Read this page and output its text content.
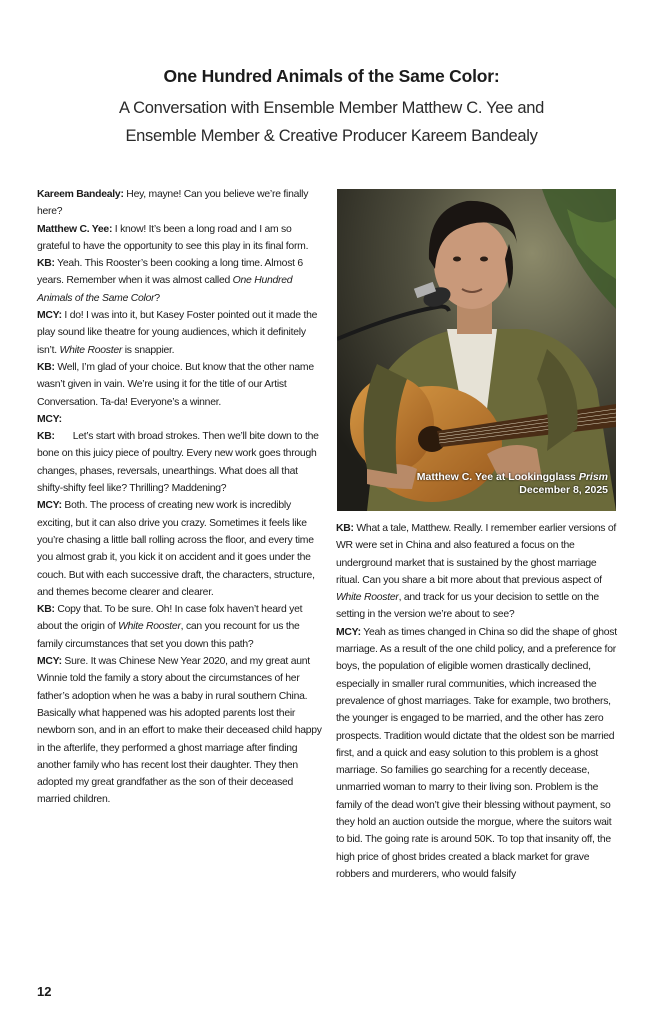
One Hundred Animals of the Same Color:
A Conversation with Ensemble Member Matthew C. Yee and
Ensemble Member & Creative Producer Kareem Bandealy

Kareem Bandealy: Hey, mayne! Can you believe we’re finally here?

Matthew C. Yee: I know! It’s been a long road and I am so grateful to have the opportunity to see this play in its final form.

KB: Yeah. This Rooster’s been cooking a long time. Almost 6 years. Remember when it was almost called One Hundred Animals of the Same Color?

MCY: I do! I was into it, but Kasey Foster pointed out it made the play sound like theatre for young audiences, which it definitely isn’t. White Rooster is snappier.

KB: Well, I’m glad of your choice. But know that the other name wasn’t given in vain. We’re using it for the title of our Artist Conversation. Ta-da! Everyone’s a winner.

MCY:

KB: Let’s start with broad strokes. Then we’ll bite down to the bone on this juicy piece of poultry. Every new work goes through changes, phases, reversals, unearthings. What does all that shifty-shifty feel like? Thrilling? Maddening?

MCY: Both. The process of creating new work is incredibly exciting, but it can also drive you crazy. Sometimes it feels like you’re chasing a little ball rolling across the floor, and every time you almost grab it, you kick it on accident and it goes under the couch. But with each successive draft, the characters, structure, and themes become clearer and clearer.

KB: Copy that. To be sure. Oh! In case folx haven’t heard yet about the origin of White Rooster, can you recount for us the family circumstances that set you down this path?

MCY: Sure. It was Chinese New Year 2020, and my great aunt Winnie told the family a story about the circumstances of her father’s adoption when he was a baby in rural southern China. Basically what happened was his adopted parents lost their newborn son, and in an effort to make their deceased child happy in the afterlife, they performed a ghost marriage after finding another family who has recent lost their daughter. They then adopted my great grandfather as the son of their deceased married children.

Matthew C. Yee at Lookingglass Prism
December 8, 2025

KB: What a tale, Matthew. Really. I remember earlier versions of WR were set in China and also featured a focus on the underground market that is sustained by the ghost marriage ritual. Can you share a bit more about that previous aspect of White Rooster, and track for us your decision to settle on the setting in the version we’re about to see?

MCY: Yeah as times changed in China so did the shape of ghost marriage. As a result of the one child policy, and a preference for boys, the population of eligible women drastically declined, especially in smaller rural communities, which increased the prevalence of ghost marriages. Take for example, two brothers, the younger is engaged to be married, and the other has zero prospects. Tradition would dictate that the oldest son be married first, and a quick and easy solution to this problem is a ghost marriage. So families go searching for a recently decease, unmarried woman to marry to their living son. Problem is the family of the dead won’t give their blessing without payment, so they hold an auction outside the morgue, where the suitors wait to bid. The going rate is around 50K. To top that insanity off, the high price of ghost brides created a black market for grave robbers and murderers, who would falsify

12
